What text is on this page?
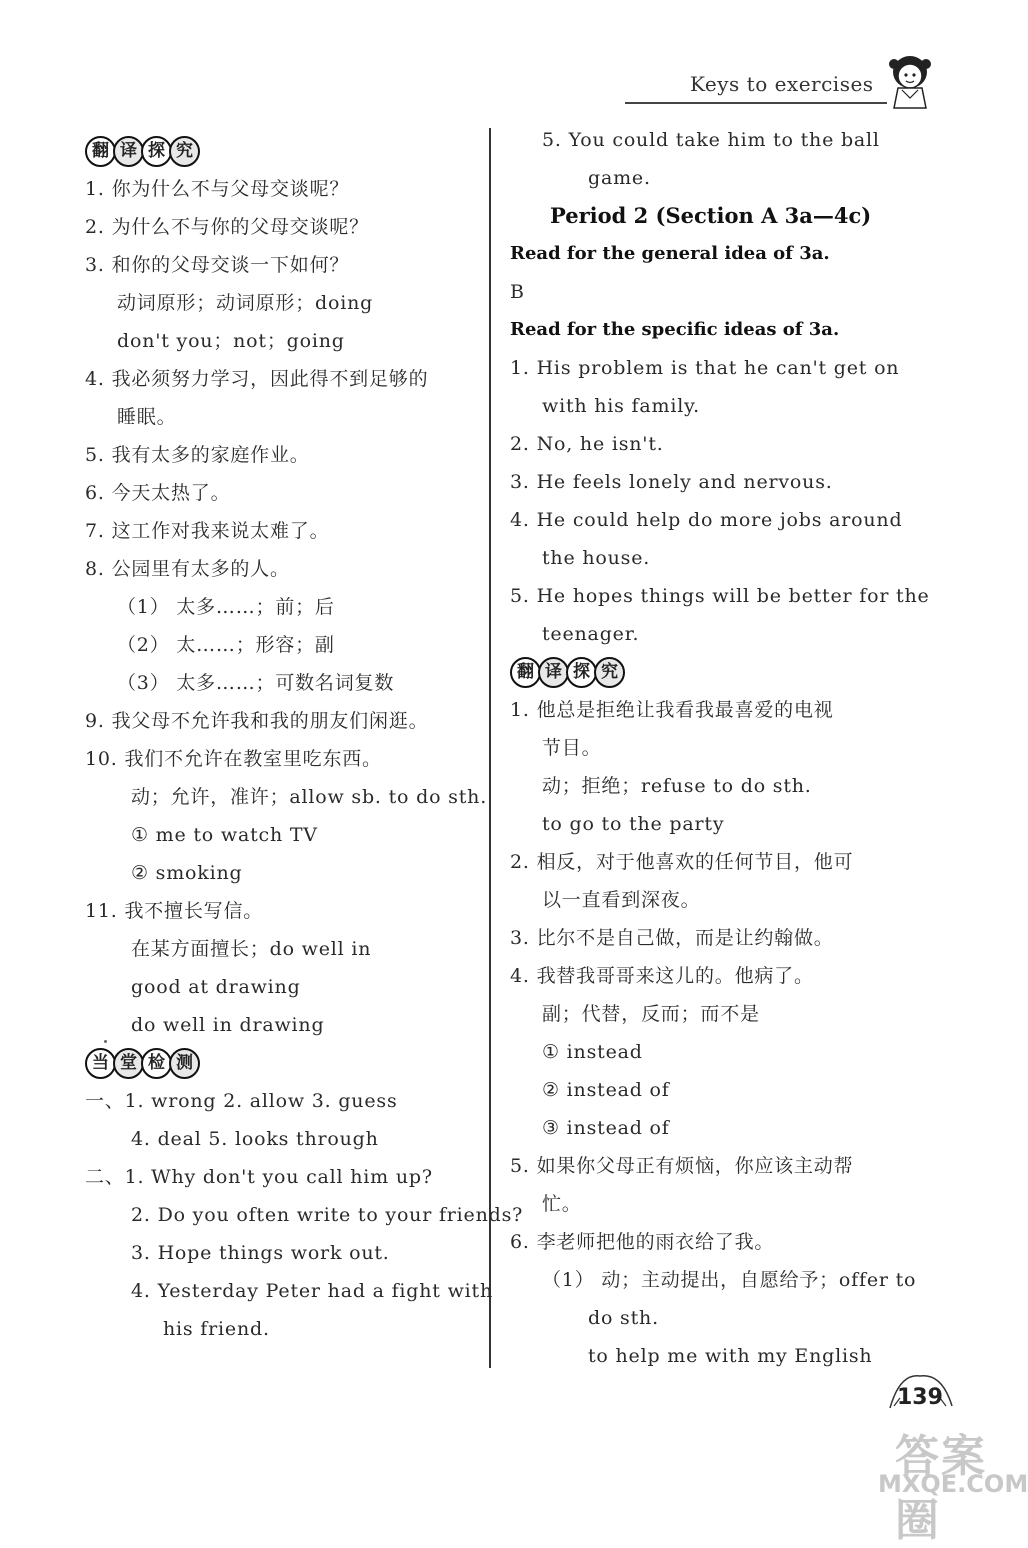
Keys to exercises
翻 译 探 究
1. 你为什么不与父母交谈呢？
2. 为什么不与你的父母交谈呢？
3. 和你的父母交谈一下如何？
动词原形；动词原形；doing
don't you；not；going
4. 我必须努力学习，因此得不到足够的
睡眠。
5. 我有太多的家庭作业。
6. 今天太热了。
7. 这工作对我来说太难了。
8. 公园里有太多的人。
（1） 太多……；前；后
（2） 太……；形容；副
（3） 太多……；可数名词复数
9. 我父母不允许我和我的朋友们闲逛。
10. 我们不允许在教室里吃东西。
动；允许，准许；allow sb. to do sth.
① me to watch TV
② smoking
11. 我不擅长写信。
在某方面擅长；do well in
good at drawing
do well in drawing
当 堂 检 测
一、1. wrong 2. allow 3. guess
4. deal 5. looks through
二、1. Why don't you call him up?
2. Do you often write to your friends?
3. Hope things work out.
4. Yesterday Peter had a fight with
his friend.
5. You could take him to the ball
game.
Period 2 (Section A 3a—4c)
Read for the general idea of 3a.
B
Read for the specific ideas of 3a.
1. His problem is that he can't get on
with his family.
2. No, he isn't.
3. He feels lonely and nervous.
4. He could help do more jobs around
the house.
5. He hopes things will be better for the
teenager.
翻 译 探 究
1. 他总是拒绝让我看我最喜爱的电视
节目。
动；拒绝；refuse to do sth.
to go to the party
2. 相反，对于他喜欢的任何节目，他可
以一直看到深夜。
3. 比尔不是自己做，而是让约翰做。
4. 我替我哥哥来这儿的。他病了。
副；代替，反而；而不是
① instead
② instead of
③ instead of
5. 如果你父母正有烦恼，你应该主动帮
忙。
6. 李老师把他的雨衣给了我。
（1） 动；主动提出，自愿给予；offer to
do sth.
to help me with my English
139
答案圈
MXQE.COM
